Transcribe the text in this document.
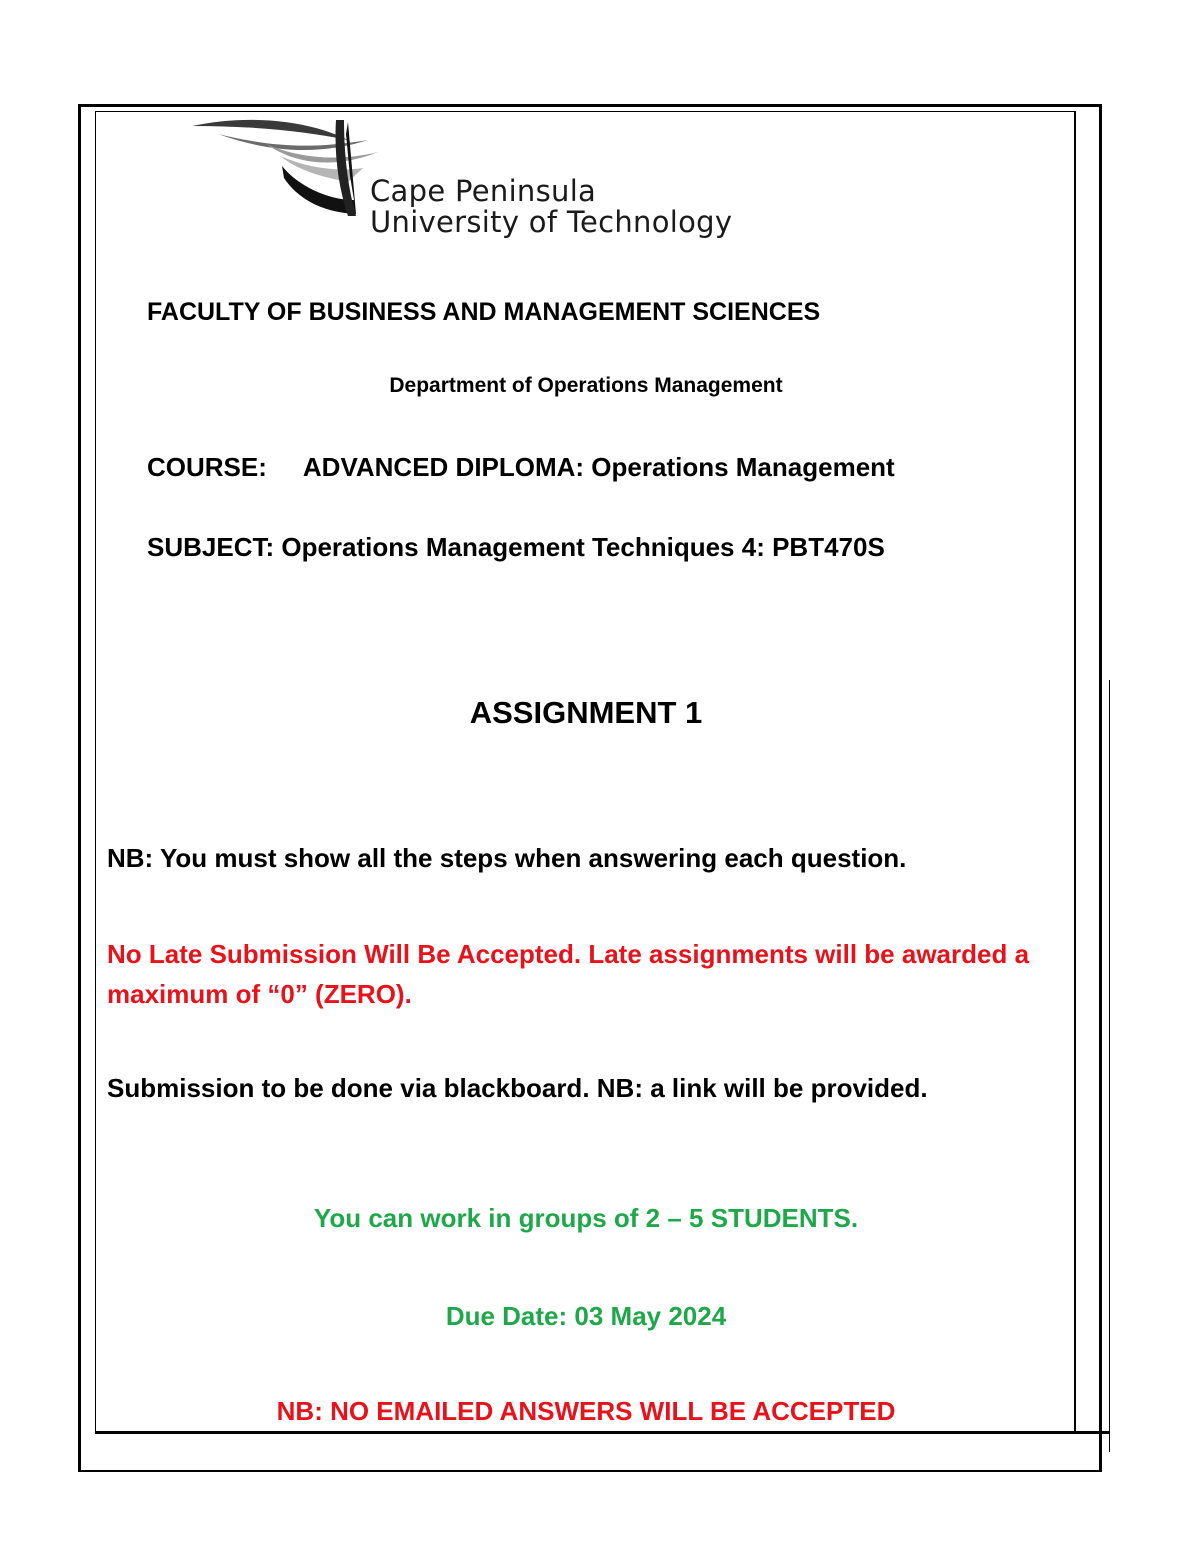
Cape Peninsula
University of Technology
FACULTY OF BUSINESS AND MANAGEMENT SCIENCES
Department of Operations Management
COURSE: ADVANCED DIPLOMA: Operations Management
SUBJECT: Operations Management Techniques 4: PBT470S
ASSIGNMENT 1
NB: You must show all the steps when answering each question.
No Late Submission Will Be Accepted. Late assignments will be awarded a maximum of “0” (ZERO).
Submission to be done via blackboard. NB: a link will be provided.
You can work in groups of 2 – 5 STUDENTS.
Due Date: 03 May 2024
NB: NO EMAILED ANSWERS WILL BE ACCEPTED
